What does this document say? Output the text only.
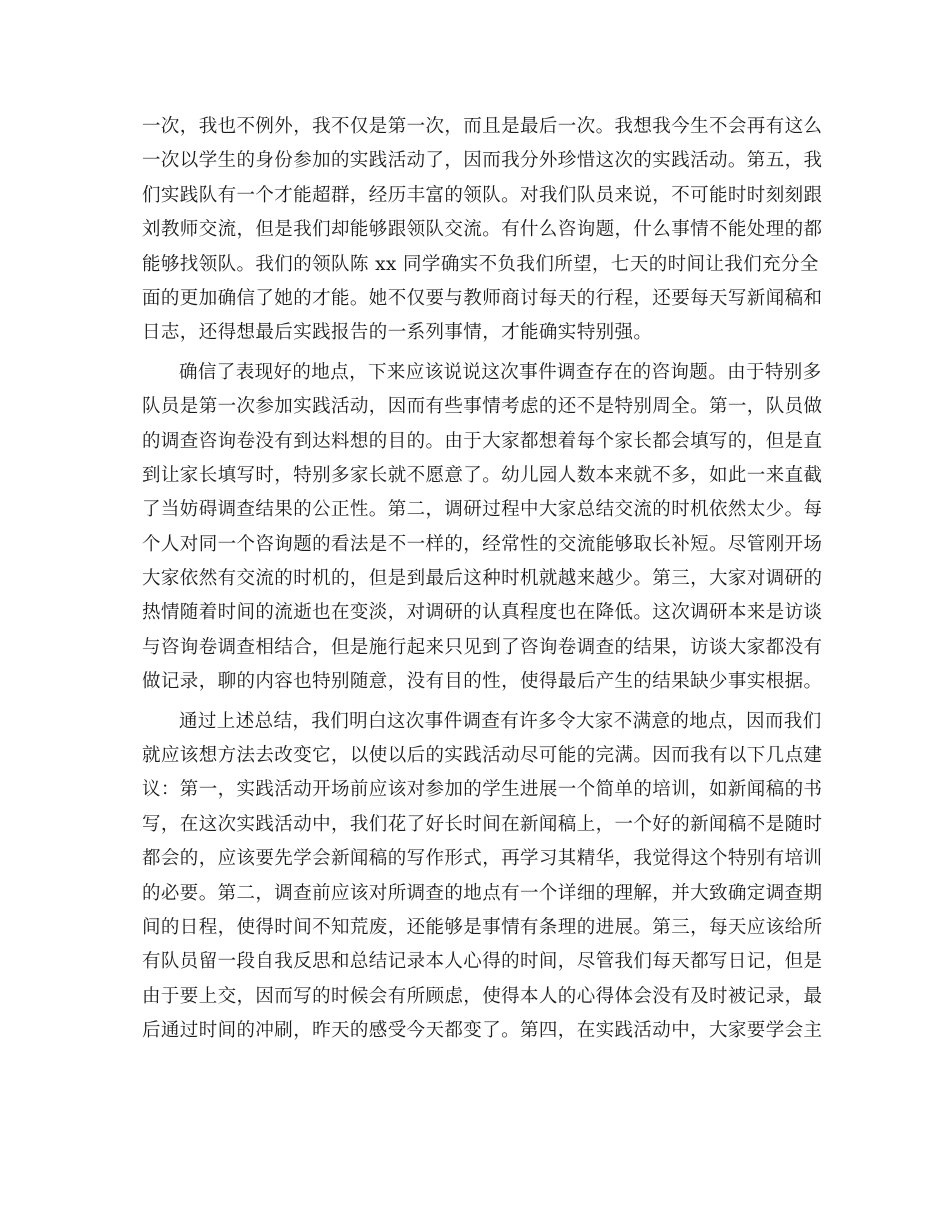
一次，我也不例外，我不仅是第一次，而且是最后一次。我想我今生不会再有这么
一次以学生的身份参加的实践活动了，因而我分外珍惜这次的实践活动。第五，我
们实践队有一个才能超群，经历丰富的领队。对我们队员来说，不可能时时刻刻跟
刘教师交流，但是我们却能够跟领队交流。有什么咨询题，什么事情不能处理的都
能够找领队。我们的领队陈 xx 同学确实不负我们所望，七天的时间让我们充分全
面的更加确信了她的才能。她不仅要与教师商讨每天的行程，还要每天写新闻稿和
日志，还得想最后实践报告的一系列事情，才能确实特别强。
确信了表现好的地点，下来应该说说这次事件调查存在的咨询题。由于特别多
队员是第一次参加实践活动，因而有些事情考虑的还不是特别周全。第一，队员做
的调查咨询卷没有到达料想的目的。由于大家都想着每个家长都会填写的，但是直
到让家长填写时，特别多家长就不愿意了。幼儿园人数本来就不多，如此一来直截
了当妨碍调查结果的公正性。第二，调研过程中大家总结交流的时机依然太少。每
个人对同一个咨询题的看法是不一样的，经常性的交流能够取长补短。尽管刚开场
大家依然有交流的时机的，但是到最后这种时机就越来越少。第三，大家对调研的
热情随着时间的流逝也在变淡，对调研的认真程度也在降低。这次调研本来是访谈
与咨询卷调查相结合，但是施行起来只见到了咨询卷调查的结果，访谈大家都没有
做记录，聊的内容也特别随意，没有目的性，使得最后产生的结果缺少事实根据。
通过上述总结，我们明白这次事件调查有许多令大家不满意的地点，因而我们
就应该想方法去改变它，以使以后的实践活动尽可能的完满。因而我有以下几点建
议：第一，实践活动开场前应该对参加的学生进展一个简单的培训，如新闻稿的书
写，在这次实践活动中，我们花了好长时间在新闻稿上，一个好的新闻稿不是随时
都会的，应该要先学会新闻稿的写作形式，再学习其精华，我觉得这个特别有培训
的必要。第二，调查前应该对所调查的地点有一个详细的理解，并大致确定调查期
间的日程，使得时间不知荒废，还能够是事情有条理的进展。第三，每天应该给所
有队员留一段自我反思和总结记录本人心得的时间，尽管我们每天都写日记，但是
由于要上交，因而写的时候会有所顾虑，使得本人的心得体会没有及时被记录，最
后通过时间的冲刷，昨天的感受今天都变了。第四，在实践活动中，大家要学会主
